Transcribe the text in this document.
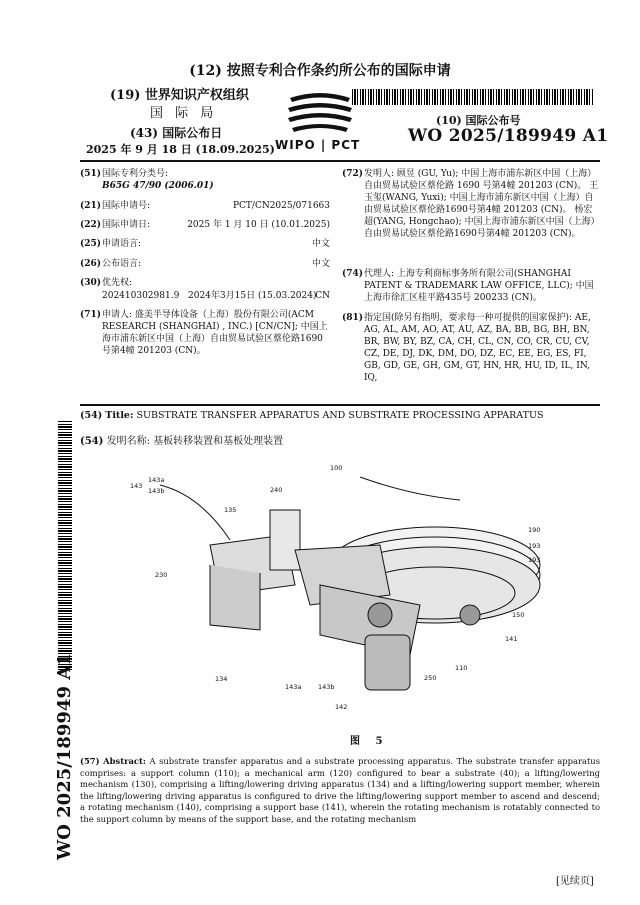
(12) 按照专利合作条约所公布的国际申请
(19) 世界知识产权组织
国 际 局
(43) 国际公布日
2025 年 9 月 18 日 (18.09.2025) WIPO | PCT
(10) 国际公布号
WO 2025/189949 A1
(51) 国际专利分类号:
B65G 47/90 (2006.01)
(21) 国际申请号:	PCT/CN2025/071663
(22) 国际申请日:	2025 年 1 月 10 日 (10.01.2025)
(25) 申请语言:	中文
(26) 公布语言:	中文
(30) 优先权:
202410302981.9 2024年3月15日 (15.03.2024)
CN
(71) 申请人: 盛美半导体设备（上海）股份有限公司(ACM RESEARCH (SHANGHAI) , INC.) [CN/CN]; 中国上海市浦东新区中国（上海）自由贸易试验区蔡伦路1690号第4幢 201203 (CN)。
(72) 发明人: 顾昱 (GU, Yu); 中国上海市浦东新区中国（上海）自由贸易试验区蔡伦路 1690 号第4幢 201203 (CN)。 王玉玺(WANG, Yuxi); 中国上海市浦东新区中国（上海）自由贸易试验区蔡伦路1690号第4幢 201203 (CN)。 杨宏超(YANG, Hongchao); 中国上海市浦东新区中国（上海）自由贸易试验区蔡伦路1690号第4幢 201203 (CN)。
(74) 代理人: 上海专利商标事务所有限公司(SHANGHAI PATENT & TRADEMARK LAW OFFICE, LLC); 中国上海市徐汇区桂平路435号 200233 (CN)。
(81) 指定国(除另有指明，要求每一种可提供的国家保护): AE, AG, AL, AM, AO, AT, AU, AZ, BA, BB, BG, BH, BN, BR, BW, BY, BZ, CA, CH, CL, CN, CO, CR, CU, CV, CZ, DE, DJ, DK, DM, DO, DZ, EC, EE, EG, ES, FI, GB, GD, GE, GH, GM, GT, HN, HR, HU, ID, IL, IN, IQ,
WO 2025/189949 A1
(54) Title: SUBSTRATE TRANSFER APPARATUS AND SUBSTRATE PROCESSING APPARATUS
(54) 发明名称: 基板转移装置和基板处理装置
100
143
143a
143b	240
135
190
193
193
230
150
141
110
250
134
143a	143b
142
图 5
(57) Abstract: A substrate transfer apparatus and a substrate processing apparatus. The substrate transfer apparatus comprises: a support column (110); a mechanical arm (120) configured to bear a substrate (40); a lifting/lowering mechanism (130), comprising a lifting/lowering driving apparatus (134) and a lifting/lowering support member, wherein the lifting/lowering driving apparatus is configured to drive the lifting/lowering support member to ascend and descend; a rotating mechanism (140), comprising a support base (141), wherein the rotating mechanism is rotatably connected to the support column by means of the support base, and the rotating mechanism
[见续页]
